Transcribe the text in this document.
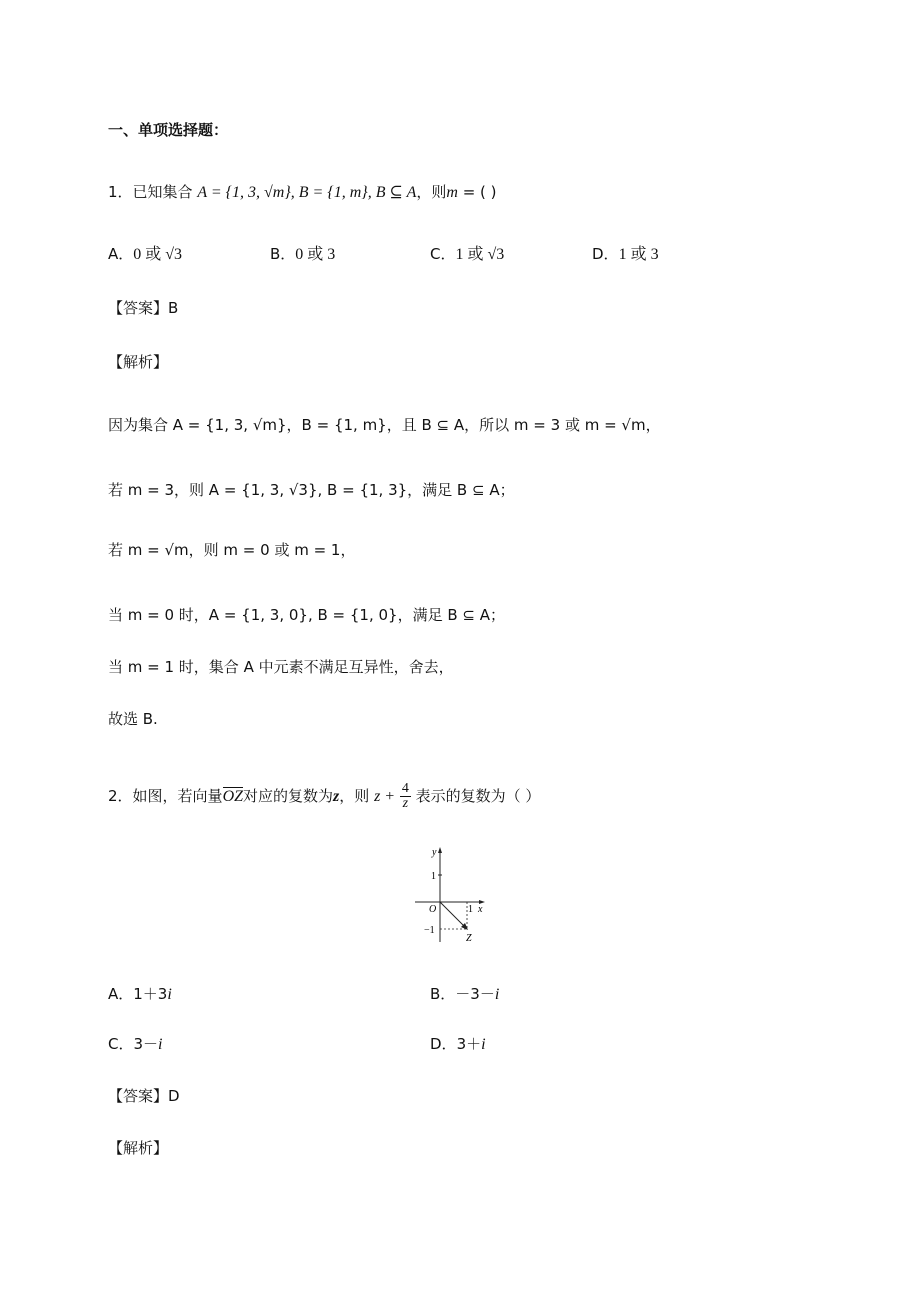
一、单项选择题：
1．已知集合 A = {1, 3, √m}, B = {1, m}, B ⊆ A，则m = ( )
A．0 或 √3	B．0 或 3	C．1 或 √3	D．1 或 3
【答案】B
【解析】
因为集合 A = {1, 3, √m}，B = {1, m}，且 B ⊆ A，所以 m = 3 或 m = √m，
若 m = 3，则 A = {1, 3, √3}, B = {1, 3}，满足 B ⊆ A；
若 m = √m，则 m = 0 或 m = 1，
当 m = 0 时，A = {1, 3, 0}, B = {1, 0}，满足 B ⊆ A；
当 m = 1 时，集合 A 中元素不满足互异性，舍去，
故选 B.
2．如图，若向量OZ对应的复数为z，则 $z + \frac{4}{z}$ 表示的复数为（ ）
y
x
O
1
−1
1
Z
A．1＋3i	B．－3－i
C．3－i	D．3＋i
【答案】D
【解析】
